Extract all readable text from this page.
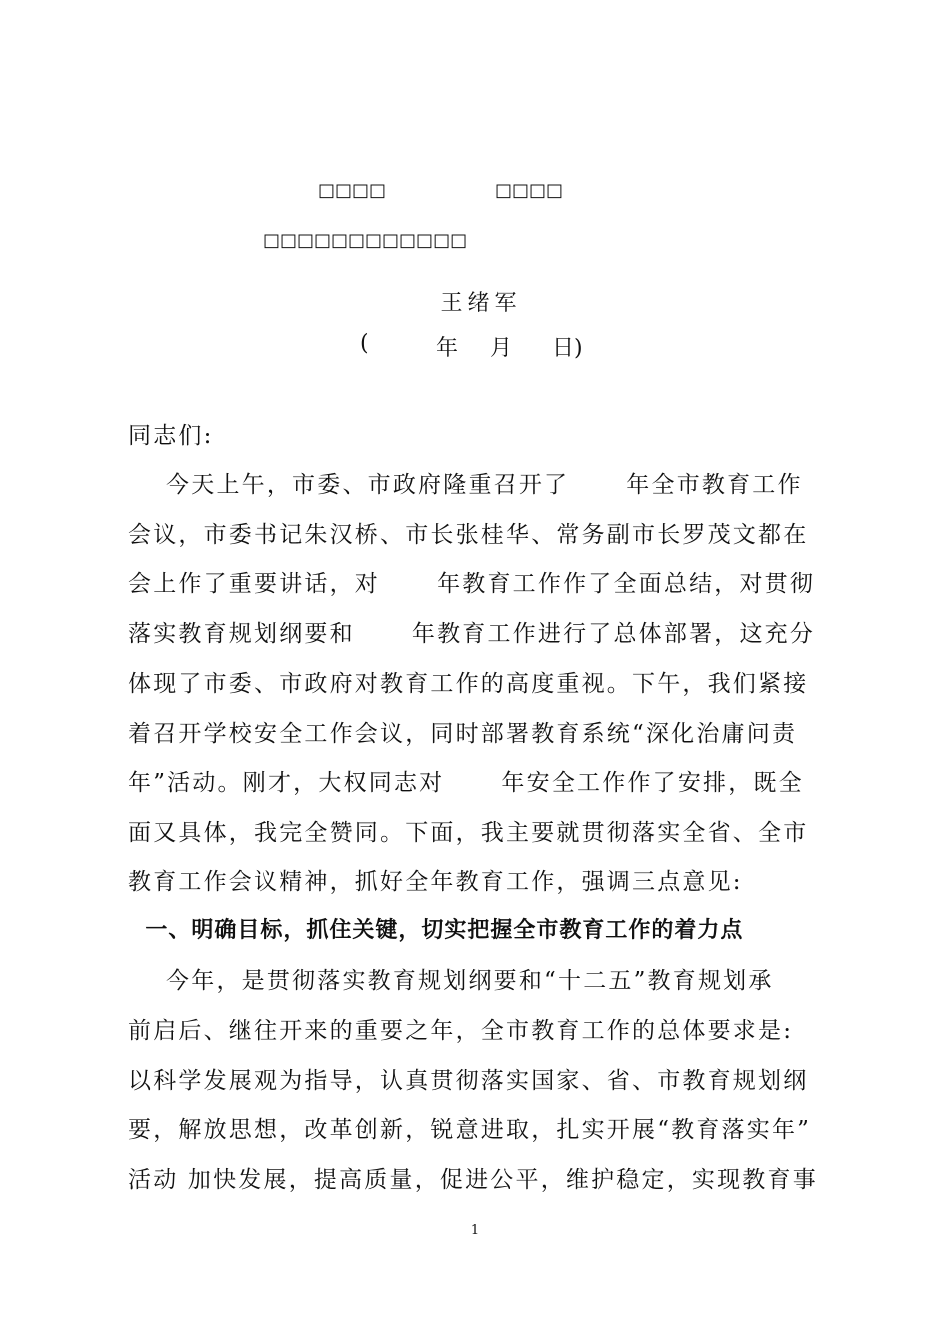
□□□□	□□□□
□□□□□□□□□□□□
王绪军
(	年 月 日)
同志们:
今天上午，市委、市政府隆重召开了      年全市教育工作
会议，市委书记朱汉桥、市长张桂华、常务副市长罗茂文都在
会上作了重要讲话，对      年教育工作作了全面总结，对贯彻
落实教育规划纲要和      年教育工作进行了总体部署，这充分
体现了市委、市政府对教育工作的高度重视。下午，我们紧接
着召开学校安全工作会议，同时部署教育系统“深化治庸问责
年”活动。刚才，大权同志对      年安全工作作了安排，既全
面又具体，我完全赞同。下面，我主要就贯彻落实全省、全市
教育工作会议精神，抓好全年教育工作，强调三点意见:
一、明确目标，抓住关键，切实把握全市教育工作的着力点
今年，是贯彻落实教育规划纲要和“十二五”教育规划承
前启后、继往开来的重要之年，全市教育工作的总体要求是:
以科学发展观为指导，认真贯彻落实国家、省、市教育规划纲
要，解放思想，改革创新，锐意进取，扎实开展“教育落实年”
活动 加快发展，提高质量，促进公平，维护稳定，实现教育事
1
